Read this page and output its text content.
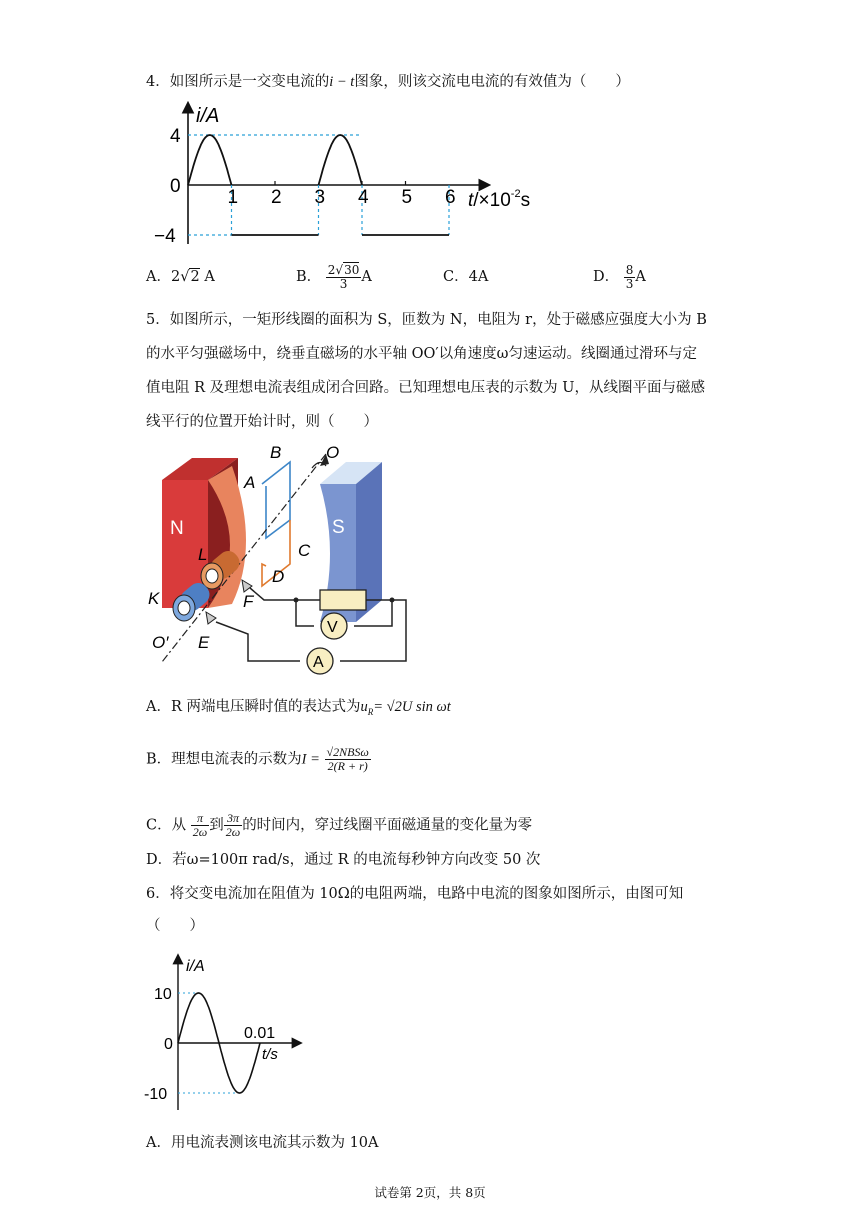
4．如图所示是一交变电流的i − t图象，则该交流电电流的有效值为（　　）
i/A
1 2 3 4 5 6
4
0
−4
$t/\times 10^{-2}s$
A．2√2 A	B． $\frac{2√30}{3}$ A	C．4A	D． $\frac{8}{3}$ A
5．如图所示，一矩形线圈的面积为 S，匝数为 N，电阻为 r，处于磁感应强度大小为 B
的水平匀强磁场中，绕垂直磁场的水平轴 OO′以角速度ω匀速运动。线圈通过滑环与定
值电阻 R 及理想电流表组成闭合回路。已知理想电压表的示数为 U，从线圈平面与磁感
线平行的位置开始计时，则（　　）
N	S
B	O
A
C
D
L
F
K
O′ E
V
A
A．R 两端电压瞬时值的表达式为$u_R= √2U$ sin ωt
B．理想电流表的示数为$I = \frac{\text{√2NBSω}}{2(R + r)}$
C．从 $\frac{\pi}{2\omega}$ 到 $\frac{3\pi}{2\omega}$ 的时间内，穿过线圈平面磁通量的变化量为零
D．若ω=100π rad/s，通过 R 的电流每秒钟方向改变 50 次
6．将交变电流加在阻值为 10Ω的电阻两端，电路中电流的图象如图所示，由图可知
（　　）
i/A
0.01
t/s
10
0
-10
A．用电流表测该电流其示数为 10A
试卷第 2页，共 8页
